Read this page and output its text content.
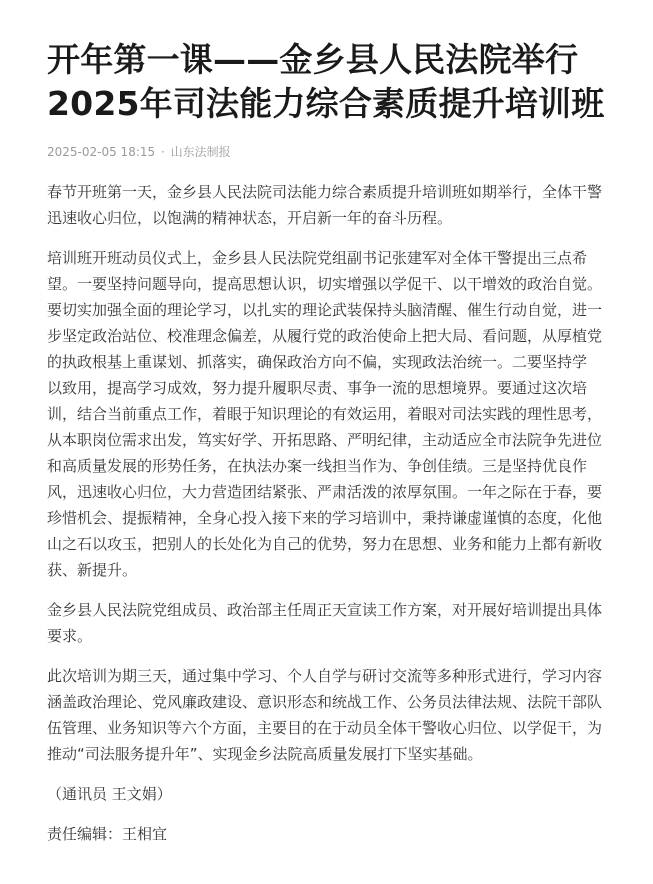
开年第一课——金乡县人民法院举行
2025年司法能力综合素质提升培训班
2025-02-05 18:15 · 山东法制报

春节开班第一天，金乡县人民法院司法能力综合素质提升培训班如期举行，全体干警
迅速收心归位，以饱满的精神状态，开启新一年的奋斗历程。

培训班开班动员仪式上，金乡县人民法院党组副书记张建军对全体干警提出三点希
望。一要坚持问题导向，提高思想认识，切实增强以学促干、以干增效的政治自觉。
要切实加强全面的理论学习，以扎实的理论武装保持头脑清醒、催生行动自觉，进一
步坚定政治站位、校准理念偏差，从履行党的政治使命上把大局、看问题，从厚植党
的执政根基上重谋划、抓落实，确保政治方向不偏，实现政法治统一。二要坚持学
以致用，提高学习成效，努力提升履职尽责、事争一流的思想境界。要通过这次培
训，结合当前重点工作，着眼于知识理论的有效运用，着眼对司法实践的理性思考，
从本职岗位需求出发，笃实好学、开拓思路、严明纪律，主动适应全市法院争先进位
和高质量发展的形势任务，在执法办案一线担当作为、争创佳绩。三是坚持优良作
风，迅速收心归位，大力营造团结紧张、严肃活泼的浓厚氛围。一年之际在于春，要
珍惜机会、提振精神，全身心投入接下来的学习培训中，秉持谦虚谨慎的态度，化他
山之石以攻玉，把别人的长处化为自己的优势，努力在思想、业务和能力上都有新收
获、新提升。

金乡县人民法院党组成员、政治部主任周正天宣读工作方案，对开展好培训提出具体
要求。

此次培训为期三天，通过集中学习、个人自学与研讨交流等多种形式进行，学习内容
涵盖政治理论、党风廉政建设、意识形态和统战工作、公务员法律法规、法院干部队
伍管理、业务知识等六个方面，主要目的在于动员全体干警收心归位、以学促干，为
推动“司法服务提升年”、实现金乡法院高质量发展打下坚实基础。

（通讯员 王文娟）

责任编辑：王相宜
